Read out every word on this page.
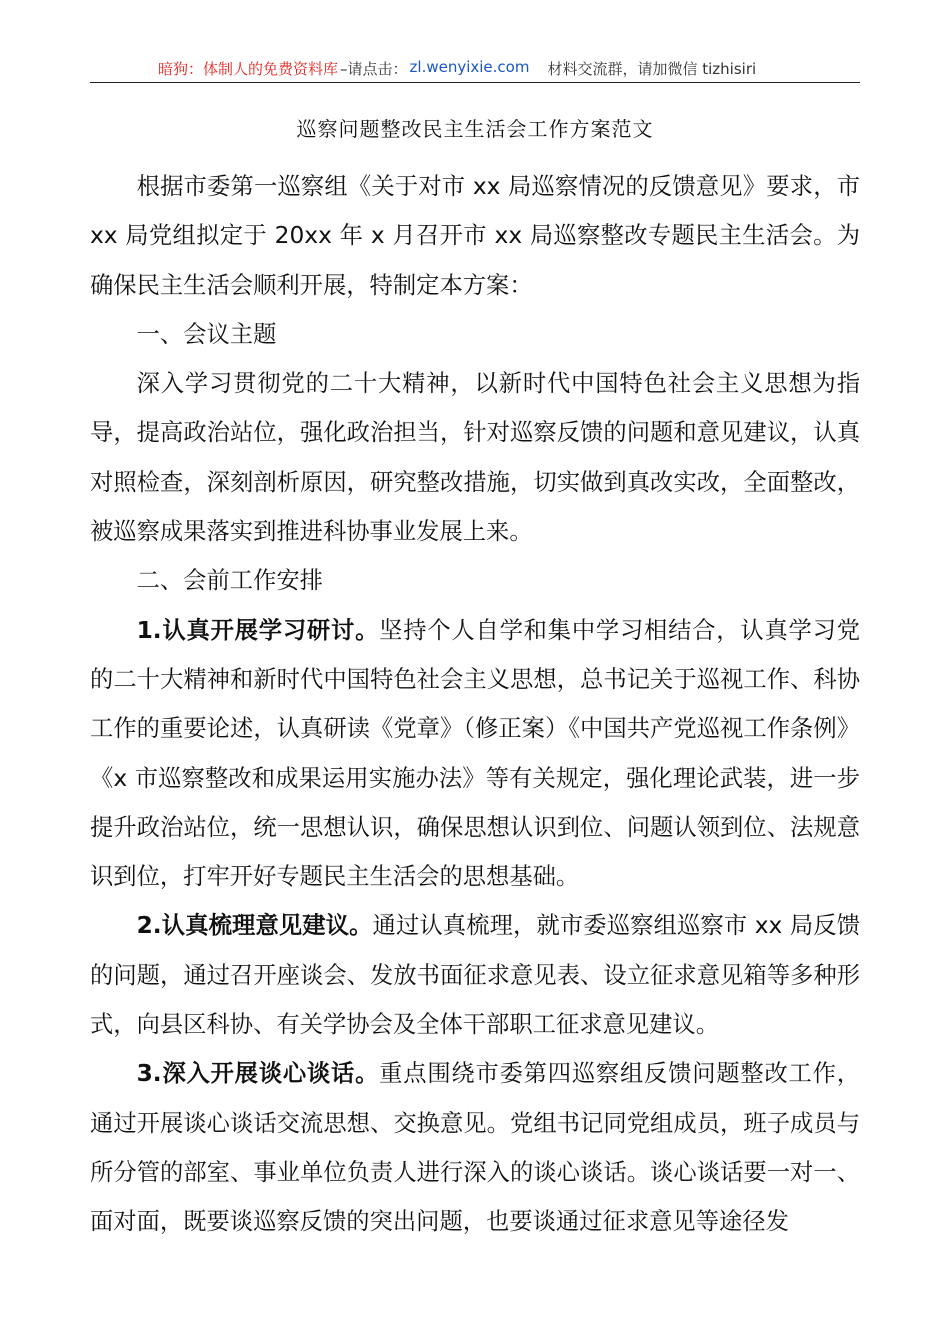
暗狗：体制人的免费资料库 –请点击： zl.wenyixie.com 材料交流群，请加微信 tizhisiri
巡察问题整改民主生活会工作方案范文

根据市委第一巡察组《关于对市 xx 局巡察情况的反馈意见》要求，市 xx 局党组拟定于 20xx 年 x 月召开市 xx 局巡察整改专题民主生活会。为确保民主生活会顺利开展，特制定本方案：

一、会议主题

深入学习贯彻党的二十大精神，以新时代中国特色社会主义思想为指导，提高政治站位，强化政治担当，针对巡察反馈的问题和意见建议，认真对照检查，深刻剖析原因，研究整改措施，切实做到真改实改，全面整改，被巡察成果落实到推进科协事业发展上来。

二、会前工作安排

1.认真开展学习研讨。坚持个人自学和集中学习相结合，认真学习党的二十大精神和新时代中国特色社会主义思想，总书记关于巡视工作、科协工作的重要论述，认真研读《党章》（修正案）《中国共产党巡视工作条例》《x 市巡察整改和成果运用实施办法》等有关规定，强化理论武装，进一步提升政治站位，统一思想认识，确保思想认识到位、问题认领到位、法规意识到位，打牢开好专题民主生活会的思想基础。

2.认真梳理意见建议。通过认真梳理，就市委巡察组巡察市 xx 局反馈的问题，通过召开座谈会、发放书面征求意见表、设立征求意见箱等多种形式，向县区科协、有关学协会及全体干部职工征求意见建议。

3.深入开展谈心谈话。重点围绕市委第四巡察组反馈问题整改工作，通过开展谈心谈话交流思想、交换意见。党组书记同党组成员，班子成员与所分管的部室、事业单位负责人进行深入的谈心谈话。谈心谈话要一对一、面对面，既要谈巡察反馈的突出问题，也要谈通过征求意见等途径发
